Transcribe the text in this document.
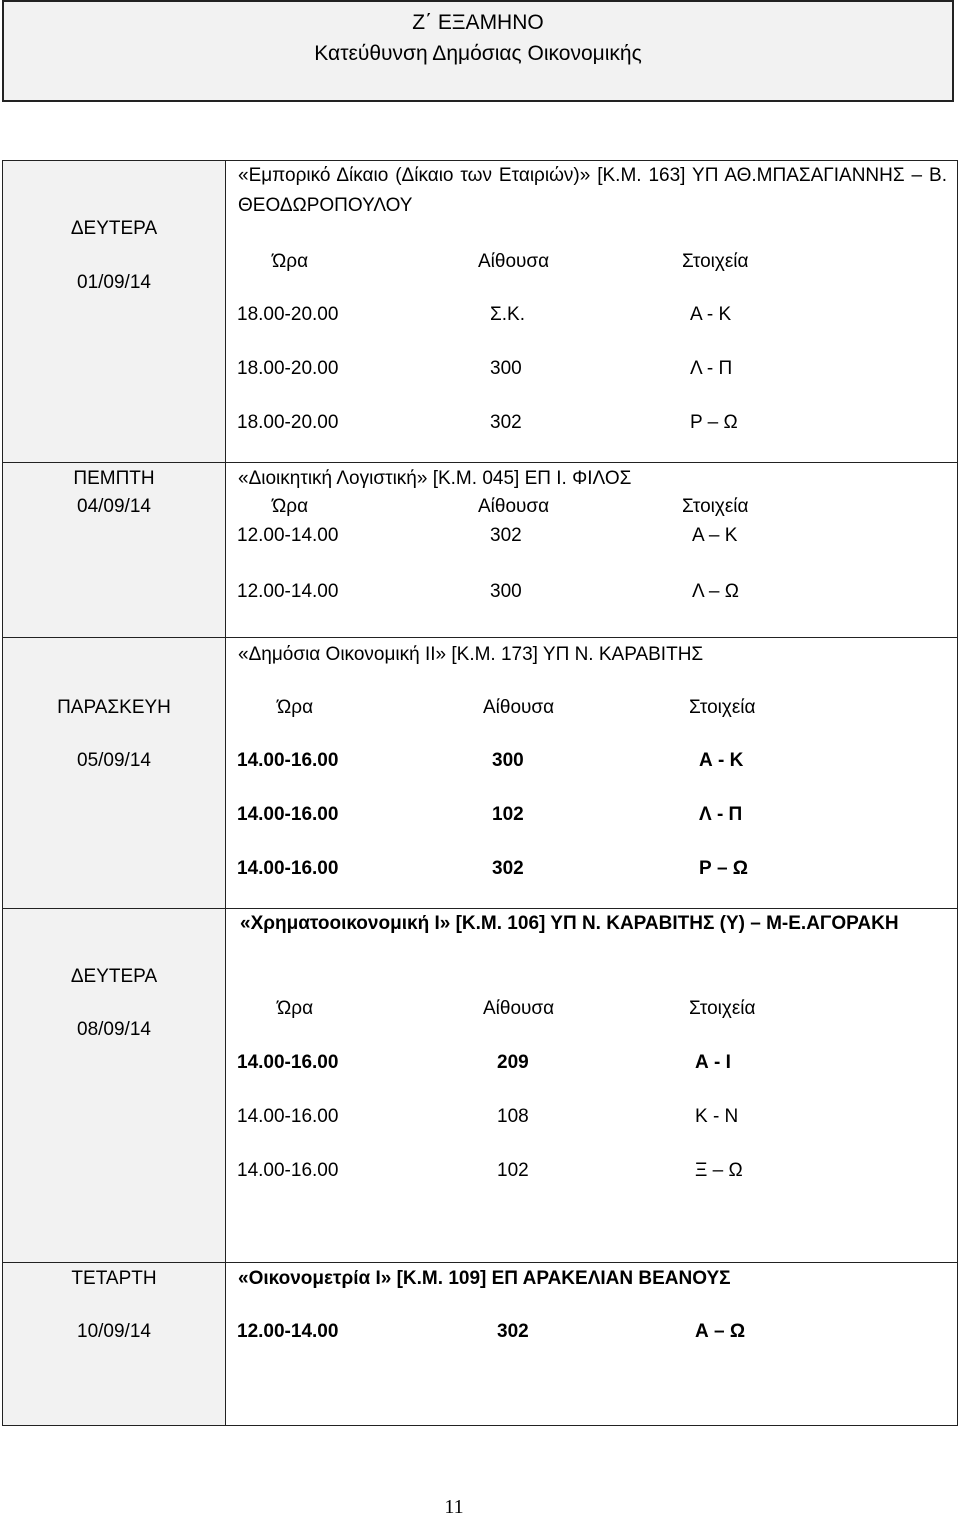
Ζ΄ ΕΞΑΜΗΝΟ
Κατεύθυνση Δημόσιας Οικονομικής
ΔΕΥΤΕΡΑ
01/09/14
«Εμπορικό Δίκαιο (Δίκαιο των Εταιριών)» [Κ.Μ. 163] ΥΠ ΑΘ.ΜΠΑΣΑΓΙΑΝΝΗΣ – Β. ΘΕΟΔΩΡΟΠΟΥΛΟΥ
Ώρα	Αίθουσα	Στοιχεία
18.00-20.00	Σ.Κ.	Α - Κ
18.00-20.00	300	Λ - Π
18.00-20.00	302	Ρ – Ω
ΠΕΜΠΤΗ
04/09/14
«Διοικητική Λογιστική» [Κ.Μ. 045] ΕΠ Ι. ΦΙΛΟΣ
Ώρα	Αίθουσα	Στοιχεία
12.00-14.00	302	Α – Κ
12.00-14.00	300	Λ – Ω
ΠΑΡΑΣΚΕΥΗ
05/09/14
«Δημόσια Οικονομική ΙΙ» [Κ.Μ. 173] ΥΠ Ν. ΚΑΡΑΒΙΤΗΣ
Ώρα	Αίθουσα	Στοιχεία
14.00-16.00	300	Α - Κ
14.00-16.00	102	Λ - Π
14.00-16.00	302	Ρ – Ω
ΔΕΥΤΕΡΑ
08/09/14
«Χρηματοοικονομική Ι» [Κ.Μ. 106] ΥΠ Ν. ΚΑΡΑΒΙΤΗΣ (Υ) – Μ-Ε.ΑΓΟΡΑΚΗ
Ώρα	Αίθουσα	Στοιχεία
14.00-16.00	209	Α - Ι
14.00-16.00	108	Κ - Ν
14.00-16.00	102	Ξ – Ω
ΤΕΤΑΡΤΗ
10/09/14
«Οικονομετρία Ι» [Κ.Μ. 109] ΕΠ ΑΡΑΚΕΛΙΑΝ ΒΕΑΝΟΥΣ
12.00-14.00	302	Α – Ω
11
